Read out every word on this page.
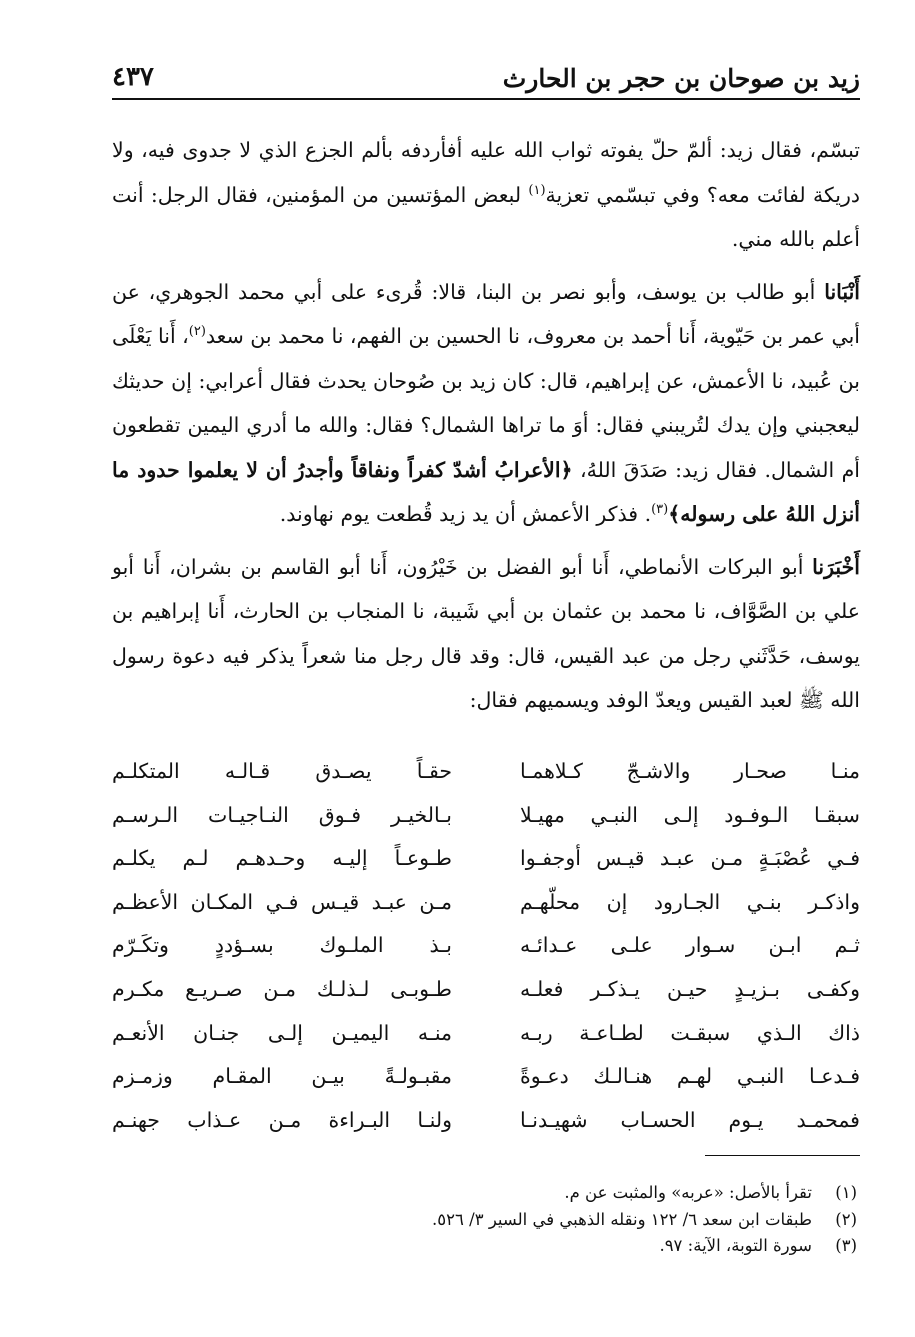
زيد بن صوحان بن حجر بن الحارث
٤٣٧

تبسّم، فقال زيد: ألمّ حلّ يفوته ثواب الله عليه أفأردفه بألم الجزع الذي لا جدوى فيه، ولا دريكة لفائت معه؟ وفي تبسّمي تعزية$^{(١)}$ لبعض المؤتسين من المؤمنين، فقال الرجل: أنت أعلم بالله مني.

أَنْبَانا أبو طالب بن يوسف، وأبو نصر بن البنا، قالا: قُرىء على أبي محمد الجوهري، عن أبي عمر بن حَيّوية، أَنا أحمد بن معروف، نا الحسين بن الفهم، نا محمد بن سعد$^{(٢)}$، أَنا يَعْلَى بن عُبيد، نا الأعمش، عن إبراهيم، قال: كان زيد بن صُوحان يحدث فقال أعرابي: إن حديثك ليعجبني وإن يدك لتُريبني فقال: أوَ ما تراها الشمال؟ فقال: والله ما أدري اليمين تقطعون أم الشمال. فقال زيد: صَدَقَ اللهُ، ﴿الأعرابُ أشدّ كفراً ونفاقاً وأجدرُ أن لا يعلموا حدود ما أنزل اللهُ على رسوله﴾$^{(٣)}$. فذكر الأعمش أن يد زيد قُطعت يوم نهاوند.

أَخْبَرَنا أبو البركات الأنماطي، أَنا أبو الفضل بن خَيْرُون، أَنا أبو القاسم بن بشران، أَنا أبو علي بن الصَّوَّاف، نا محمد بن عثمان بن أبي شَيبة، نا المنجاب بن الحارث، أَنا إبراهيم بن يوسف، حَدَّثَني رجل من عبد القيس، قال: وقد قال رجل منا شعراً يذكر فيه دعوة رسول الله ﷺ لعبد القيس ويعدّ الوفد ويسميهم فقال:

منـا صحـار والاشـجّ كـلاهمـا
حقـاً يصـدق قـالـه المتكلـم
سبقـا الـوفـود إلـى النبـي مهيـلا
بـالخيـر فـوق النـاجيـات الـرسـم
فـي عُصْبَـةٍ مـن عبـد قيـس أوجفـوا
طـوعـاً إليـه وحـدهـم لـم يكلـم
واذكـر بنـي الجـارود إن محلّهـم
مـن عبـد قيـس فـي المكـان الأعظـم
ثـم ابـن سـوار علـى عـدائـه
بـذ الملـوك بسـؤددٍ وتكَـرّم
وكفـى بـزيـدٍ حيـن يـذكـر فعلـه
طـوبـى لـذلـك مـن صـريـع مكـرم
ذاك الـذي سبقـت لطـاعـة ربـه
منـه اليميـن إلـى جنـان الأنعـم
فـدعـا النبـي لهـم هنـالـك دعـوةً
مقبـولـةً بيـن المقـام وزمـزم
فمحمـد يـوم الحسـاب شهيـدنـا
ولنـا البـراءة مـن عـذاب جهنـم
(١)
تقرأ بالأصل: «عربه» والمثبت عن م.
(٢)
طبقات ابن سعد ٦/ ١٢٢ ونقله الذهبي في السير ٣/ ٥٢٦.
(٣)
سورة التوبة، الآية: ٩٧.
